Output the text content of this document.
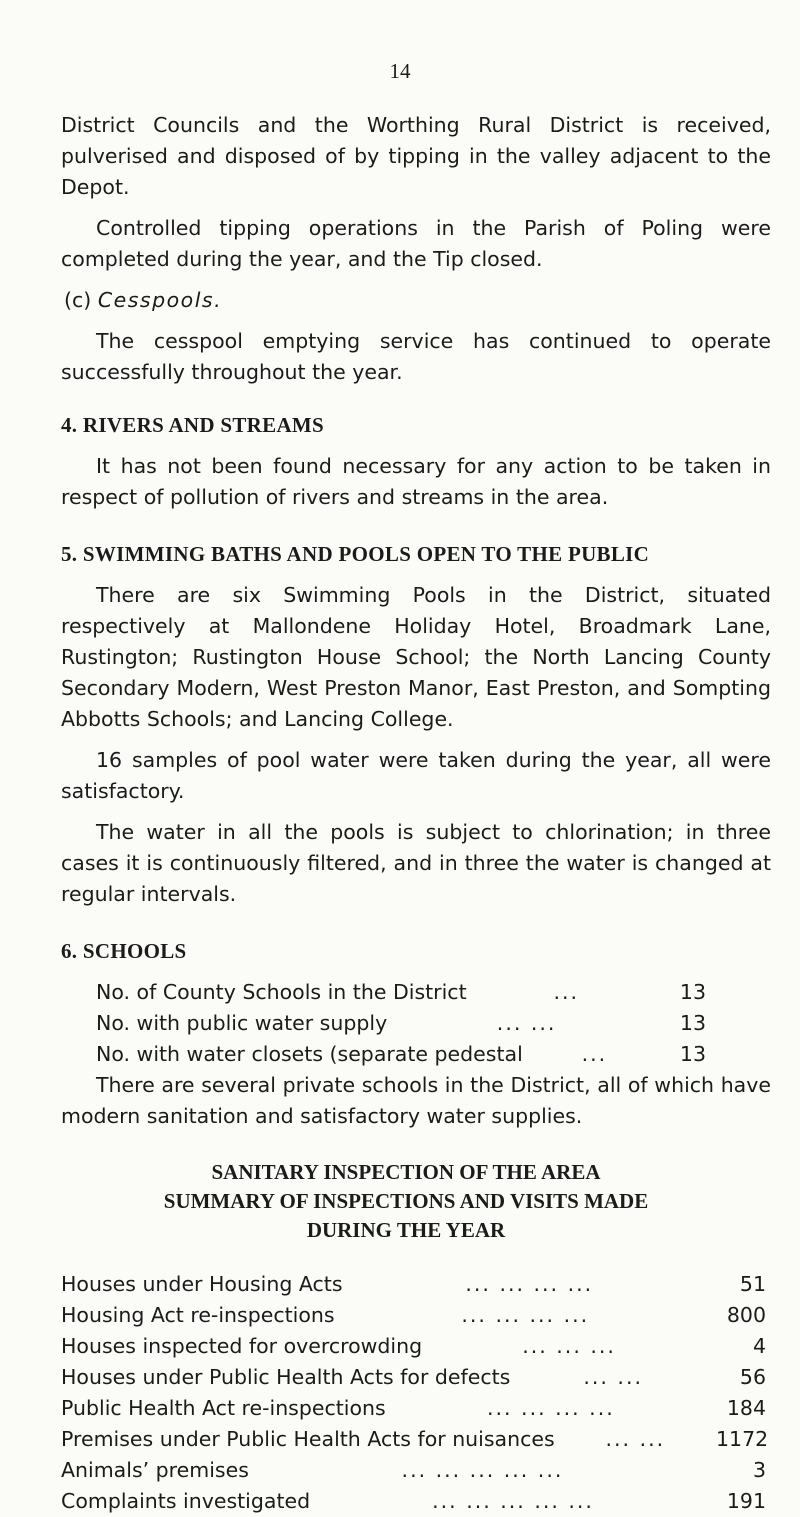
14

District Councils and the Worthing Rural District is received, pulverised and disposed of by tipping in the valley adjacent to the Depot.

Controlled tipping operations in the Parish of Poling were completed during the year, and the Tip closed.

(c) Cesspools.

The cesspool emptying service has continued to operate successfully throughout the year.

4. RIVERS AND STREAMS

It has not been found necessary for any action to be taken in respect of pollution of rivers and streams in the area.

5. SWIMMING BATHS AND POOLS OPEN TO THE PUBLIC

There are six Swimming Pools in the District, situated respectively at Mallondene Holiday Hotel, Broadmark Lane, Rustington; Rustington House School; the North Lancing County Secondary Modern, West Preston Manor, East Preston, and Sompting Abbotts Schools; and Lancing College.

16 samples of pool water were taken during the year, all were satisfactory.

The water in all the pools is subject to chlorination; in three cases it is continuously filtered, and in three the water is changed at regular intervals.

6. SCHOOLS

No. of County Schools in the District	...	13
No. with public water supply	... ...	13
No. with water closets (separate pedestal	...	13

There are several private schools in the District, all of which have modern sanitation and satisfactory water supplies.

SANITARY INSPECTION OF THE AREA
SUMMARY OF INSPECTIONS AND VISITS MADE
DURING THE YEAR
Houses under Housing Acts	... ... ... ...	51
Housing Act re-inspections	... ... ... ...	800
Houses inspected for overcrowding	... ... ...	4
Houses under Public Health Acts for defects	... ...	56
Public Health Act re-inspections	... ... ... ...	184
Premises under Public Health Acts for nuisances	... ...	1172
Animals’ premises	... ... ... ... ...	3
Complaints investigated	... ... ... ... ...	191
